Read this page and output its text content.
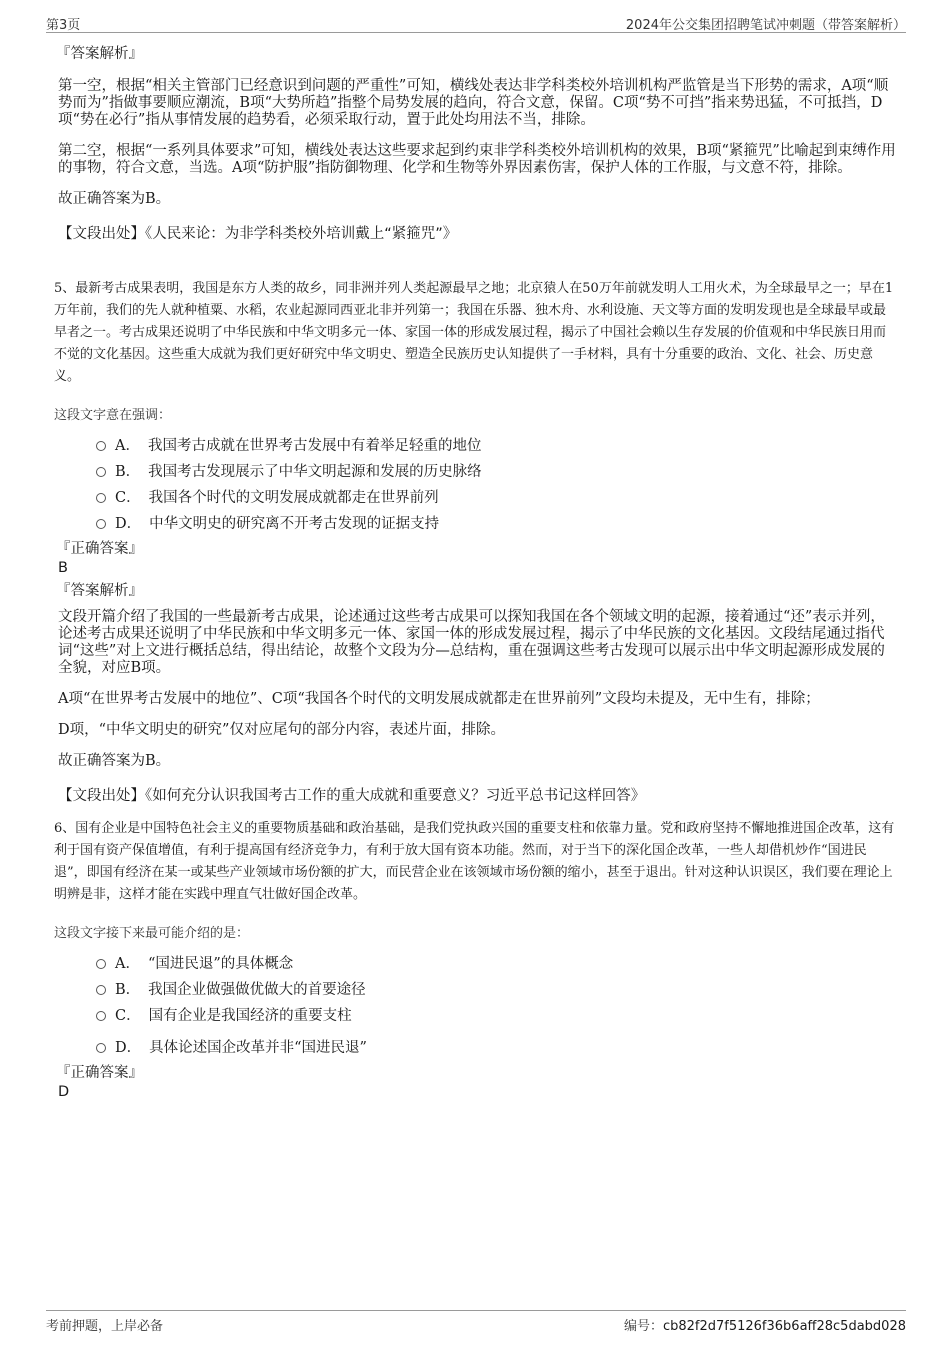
第3页	2024年公交集团招聘笔试冲刺题（带答案解析）
『答案解析』

第一空，根据“相关主管部门已经意识到问题的严重性”可知，横线处表达非学科类校外培训机构严监管是当下形势的需求，A项“顺势而为”指做事要顺应潮流，B项“大势所趋”指整个局势发展的趋向，符合文意，保留。C项“势不可挡”指来势迅猛，不可抵挡，D项“势在必行”指从事情发展的趋势看，必须采取行动，置于此处均用法不当，排除。

第二空，根据“一系列具体要求”可知，横线处表达这些要求起到约束非学科类校外培训机构的效果，B项“紧箍咒”比喻起到束缚作用的事物，符合文意，当选。A项“防护服”指防御物理、化学和生物等外界因素伤害，保护人体的工作服，与文意不符，排除。

故正确答案为B。

【文段出处】《人民来论：为非学科类校外培训戴上“紧箍咒”》
5、最新考古成果表明，我国是东方人类的故乡，同非洲并列人类起源最早之地；北京猿人在50万年前就发明人工用火术，为全球最早之一；早在1万年前，我们的先人就种植粟、水稻，农业起源同西亚北非并列第一；我国在乐器、独木舟、水利设施、天文等方面的发明发现也是全球最早或最早者之一。考古成果还说明了中华民族和中华文明多元一体、家国一体的形成发展过程，揭示了中国社会赖以生存发展的价值观和中华民族日用而不觉的文化基因。这些重大成就为我们更好研究中华文明史、塑造全民族历史认知提供了一手材料，具有十分重要的政治、文化、社会、历史意义。
这段文字意在强调：
A． 我国考古成就在世界考古发展中有着举足轻重的地位
B． 我国考古发现展示了中华文明起源和发展的历史脉络
C． 我国各个时代的文明发展成就都走在世界前列
D． 中华文明史的研究离不开考古发现的证据支持
『正确答案』
B
『答案解析』

文段开篇介绍了我国的一些最新考古成果，论述通过这些考古成果可以探知我国在各个领域文明的起源，接着通过“还”表示并列，论述考古成果还说明了中华民族和中华文明多元一体、家国一体的形成发展过程，揭示了中华民族的文化基因。文段结尾通过指代词“这些”对上文进行概括总结，得出结论，故整个文段为分—总结构，重在强调这些考古发现可以展示出中华文明起源形成发展的全貌，对应B项。

A项“在世界考古发展中的地位”、C项“我国各个时代的文明发展成就都走在世界前列”文段均未提及，无中生有，排除；

D项，“中华文明史的研究”仅对应尾句的部分内容，表述片面，排除。

故正确答案为B。

【文段出处】《如何充分认识我国考古工作的重大成就和重要意义？习近平总书记这样回答》
6、国有企业是中国特色社会主义的重要物质基础和政治基础，是我们党执政兴国的重要支柱和依靠力量。党和政府坚持不懈地推进国企改革，这有利于国有资产保值增值，有利于提高国有经济竞争力，有利于放大国有资本功能。然而，对于当下的深化国企改革，一些人却借机炒作“国进民退”，即国有经济在某一或某些产业领域市场份额的扩大，而民营企业在该领域市场份额的缩小，甚至于退出。针对这种认识误区，我们要在理论上明辨是非，这样才能在实践中理直气壮做好国企改革。
这段文字接下来最可能介绍的是：
A． “国进民退”的具体概念
B． 我国企业做强做优做大的首要途径
C． 国有企业是我国经济的重要支柱
D． 具体论述国企改革并非“国进民退”
『正确答案』
D
考前押题，上岸必备	编号：cb82f2d7f5126f36b6aff28c5dabd028
